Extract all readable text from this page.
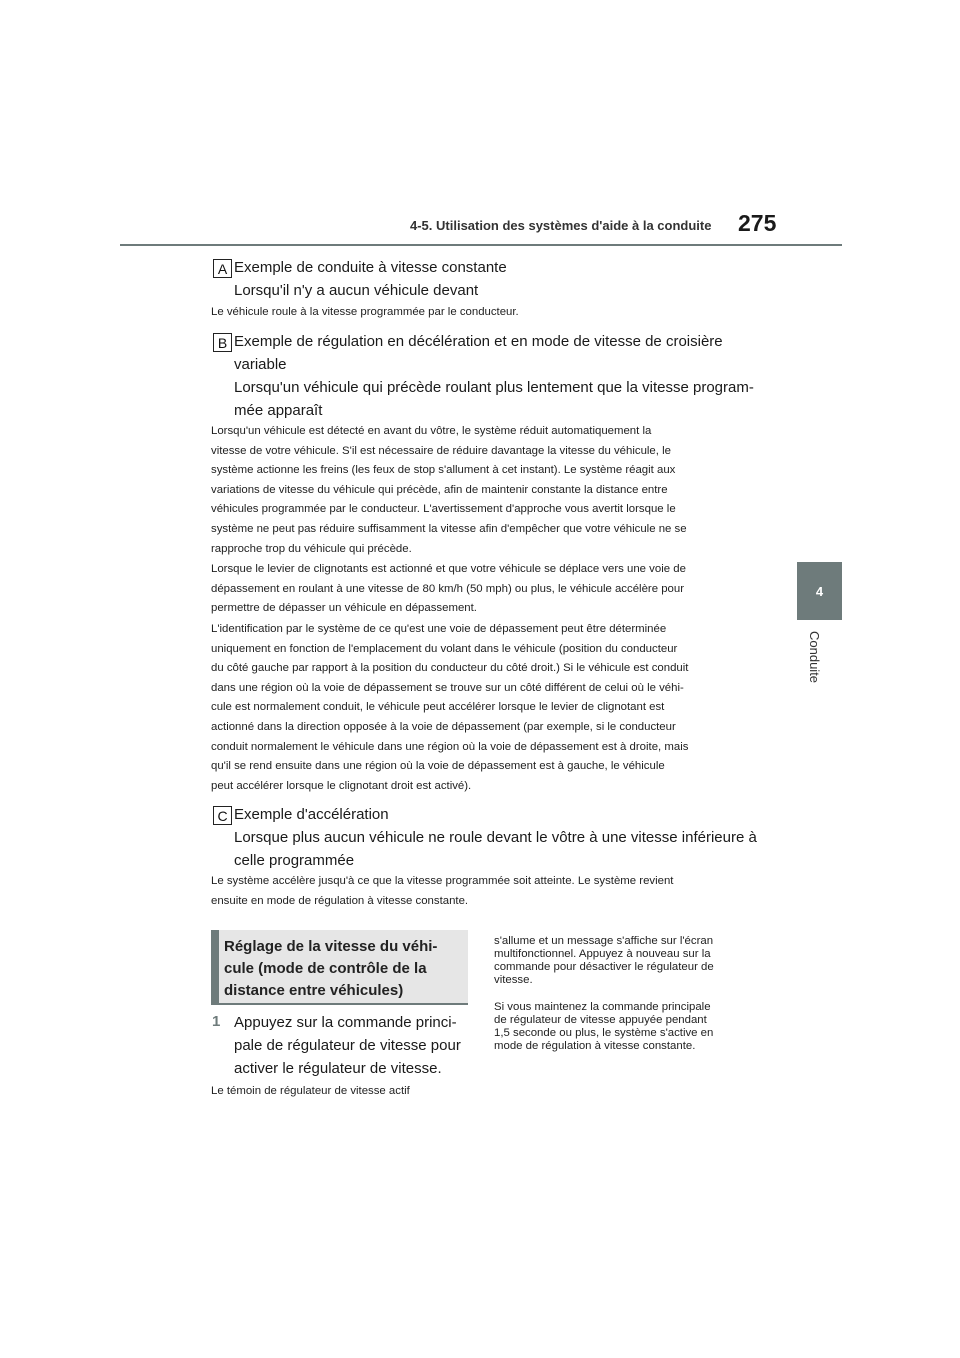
4-5. Utilisation des systèmes d'aide à la conduite 275
4
Conduite
A Exemple de conduite à vitesse constante
Lorsqu'il n'y a aucun véhicule devant
Le véhicule roule à la vitesse programmée par le conducteur.
B Exemple de régulation en décélération et en mode de vitesse de croisière
variable
Lorsqu'un véhicule qui précède roulant plus lentement que la vitesse program-
mée apparaît
Lorsqu'un véhicule est détecté en avant du vôtre, le système réduit automatiquement la
vitesse de votre véhicule. S'il est nécessaire de réduire davantage la vitesse du véhicule, le
système actionne les freins (les feux de stop s'allument à cet instant). Le système réagit aux
variations de vitesse du véhicule qui précède, afin de maintenir constante la distance entre
véhicules programmée par le conducteur. L'avertissement d'approche vous avertit lorsque le
système ne peut pas réduire suffisamment la vitesse afin d'empêcher que votre véhicule ne se
rapproche trop du véhicule qui précède.
Lorsque le levier de clignotants est actionné et que votre véhicule se déplace vers une voie de
dépassement en roulant à une vitesse de 80 km/h (50 mph) ou plus, le véhicule accélère pour
permettre de dépasser un véhicule en dépassement.
L'identification par le système de ce qu'est une voie de dépassement peut être déterminée
uniquement en fonction de l'emplacement du volant dans le véhicule (position du conducteur
du côté gauche par rapport à la position du conducteur du côté droit.) Si le véhicule est conduit
dans une région où la voie de dépassement se trouve sur un côté différent de celui où le véhi-
cule est normalement conduit, le véhicule peut accélérer lorsque le levier de clignotant est
actionné dans la direction opposée à la voie de dépassement (par exemple, si le conducteur
conduit normalement le véhicule dans une région où la voie de dépassement est à droite, mais
qu'il se rend ensuite dans une région où la voie de dépassement est à gauche, le véhicule
peut accélérer lorsque le clignotant droit est activé).
C Exemple d'accélération
Lorsque plus aucun véhicule ne roule devant le vôtre à une vitesse inférieure à
celle programmée
Le système accélère jusqu'à ce que la vitesse programmée soit atteinte. Le système revient
ensuite en mode de régulation à vitesse constante.
Réglage de la vitesse du véhi-
cule (mode de contrôle de la
distance entre véhicules)
1 Appuyez sur la commande princi-
pale de régulateur de vitesse pour
activer le régulateur de vitesse.
Le témoin de régulateur de vitesse actif
s'allume et un message s'affiche sur l'écran
multifonctionnel. Appuyez à nouveau sur la
commande pour désactiver le régulateur de
vitesse.
Si vous maintenez la commande principale
de régulateur de vitesse appuyée pendant
1,5 seconde ou plus, le système s'active en
mode de régulation à vitesse constante.
